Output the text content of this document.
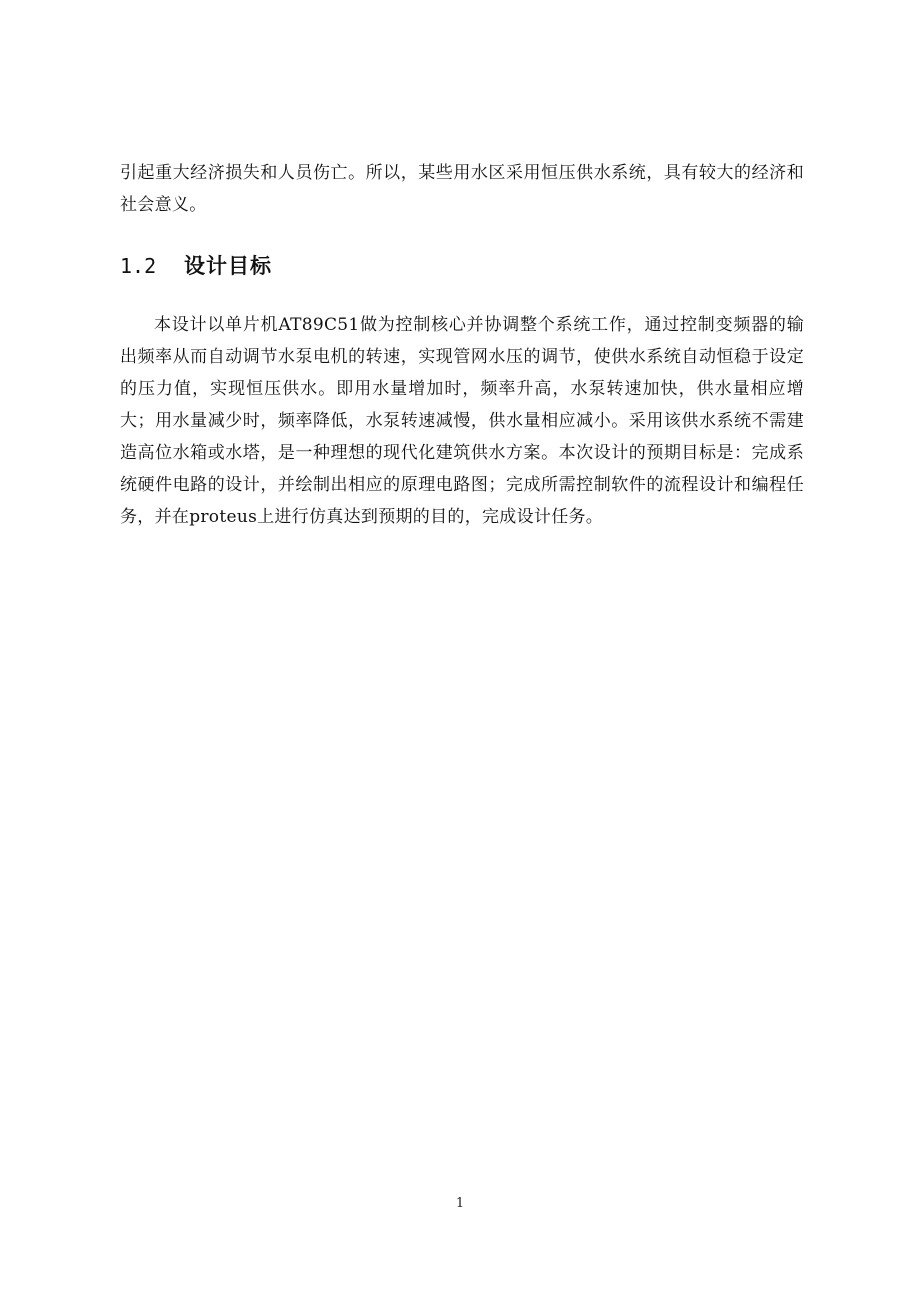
引起重大经济损失和人员伤亡。所以，某些用水区采用恒压供水系统，具有较大的经济和社会意义。

1.2	设计目标

本设计以单片机AT89C51做为控制核心并协调整个系统工作，通过控制变频器的输出频率从而自动调节水泵电机的转速，实现管网水压的调节，使供水系统自动恒稳于设定的压力值，实现恒压供水。即用水量增加时，频率升高，水泵转速加快，供水量相应增大；用水量减少时，频率降低，水泵转速减慢，供水量相应减小。采用该供水系统不需建造高位水箱或水塔，是一种理想的现代化建筑供水方案。本次设计的预期目标是：完成系统硬件电路的设计，并绘制出相应的原理电路图；完成所需控制软件的流程设计和编程任务，并在proteus上进行仿真达到预期的目的，完成设计任务。

1
